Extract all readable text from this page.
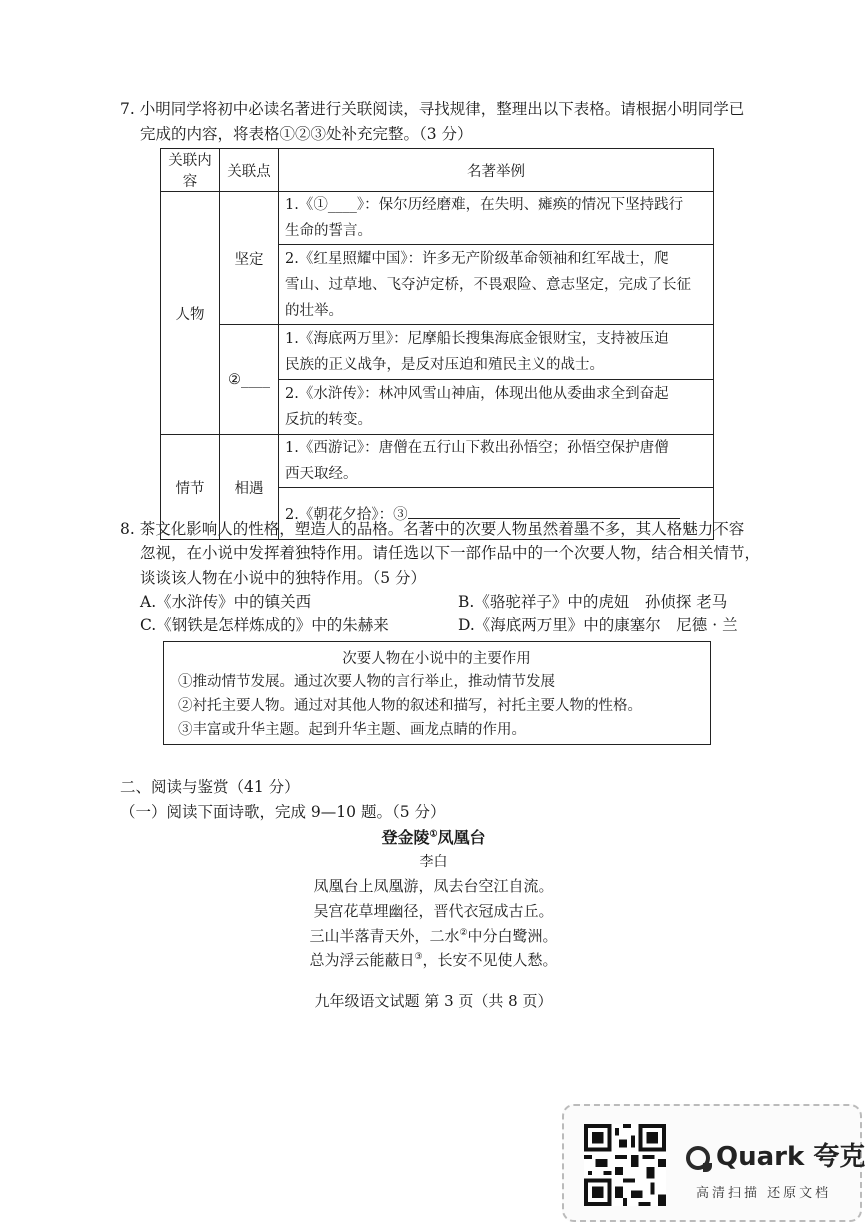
7. 小明同学将初中必读名著进行关联阅读，寻找规律，整理出以下表格。请根据小明同学已
完成的内容，将表格①②③处补充完整。（3 分）
关联内容	关联点	名著举例
人物	坚定	1.《①____》：保尔历经磨难，在失明、瘫痪的情况下坚持践行
生命的誓言。

		2.《红星照耀中国》：许多无产阶级革命领袖和红军战士，爬
雪山、过草地、飞夺泸定桥，不畏艰险、意志坚定，完成了长征
的壮举。

	②____	1.《海底两万里》：尼摩船长搜集海底金银财宝，支持被压迫
民族的正义战争，是反对压迫和殖民主义的战士。

		2.《水浒传》：林冲风雪山神庙，体现出他从委曲求全到奋起
反抗的转变。

情节	相遇	1.《西游记》：唐僧在五行山下救出孙悟空；孙悟空保护唐僧
西天取经。

		2.《朝花夕拾》：③
8. 茶文化影响人的性格，塑造人的品格。名著中的次要人物虽然着墨不多，其人格魅力不容
忽视，在小说中发挥着独特作用。请任选以下一部作品中的一个次要人物，结合相关情节，
谈谈该人物在小说中的独特作用。（5 分）
A.《水浒传》中的镇关西	B.《骆驼祥子》中的虎妞　孙侦探 老马
C.《钢铁是怎样炼成的》中的朱赫来	D.《海底两万里》中的康塞尔　尼德 · 兰
次要人物在小说中的主要作用
①推动情节发展。通过次要人物的言行举止，推动情节发展
②衬托主要人物。通过对其他人物的叙述和描写，衬托主要人物的性格。
③丰富或升华主题。起到升华主题、画龙点睛的作用。
二、阅读与鉴赏（41 分）
（一）阅读下面诗歌，完成 9—10 题。（5 分）
登金陵①凤凰台
李白
凤凰台上凤凰游，凤去台空江自流。
吴宫花草埋幽径，晋代衣冠成古丘。
三山半落青天外，二水②中分白鹭洲。
总为浮云能蔽日③，长安不见使人愁。
九年级语文试题 第 3 页（共 8 页）
Quark 夸克
高清扫描 还原文档
